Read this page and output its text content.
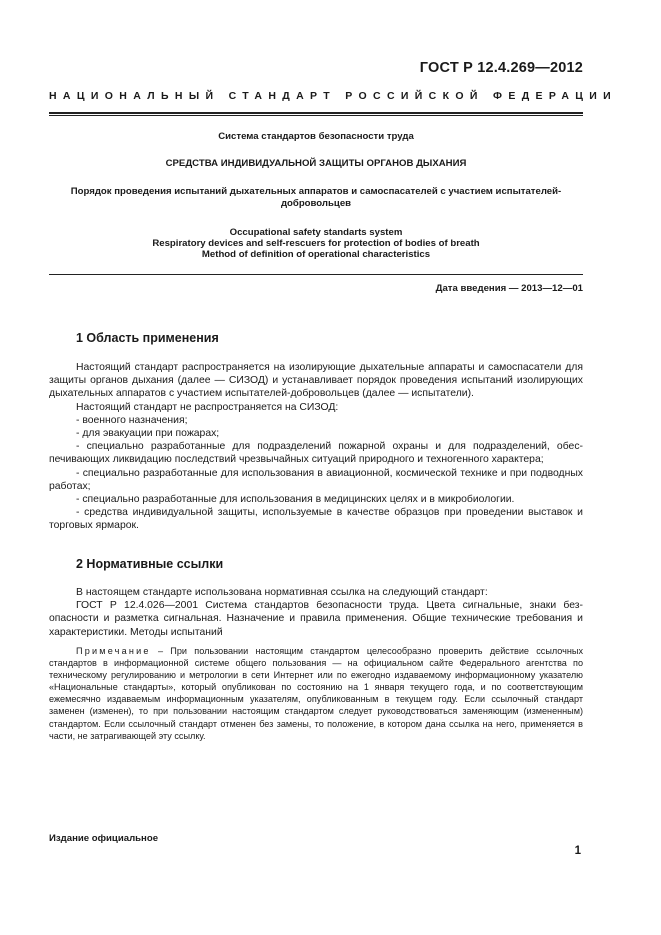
ГОСТ Р 12.4.269—2012
НАЦИОНАЛЬНЫЙ СТАНДАРТ РОССИЙСКОЙ ФЕДЕРАЦИИ
Система стандартов безопасности труда
СРЕДСТВА ИНДИВИДУАЛЬНОЙ ЗАЩИТЫ ОРГАНОВ ДЫХАНИЯ
Порядок проведения испытаний дыхательных аппаратов и самоспасателей с участием испытателей-добровольцев
Occupational safety standarts system
Respiratory devices and self-rescuers for protection of bodies of breath
Method of definition of operational characteristics
Дата введения — 2013—12—01
1 Область применения

Настоящий стандарт распространяется на изолирующие дыхательные аппараты и самоспасатели для защиты органов дыхания (далее — СИЗОД) и устанавливает порядок проведения испытаний изолирующих дыхательных аппаратов с участием испытателей-добровольцев (далее — испытатели).

Настоящий стандарт не распространяется на СИЗОД:

- военного назначения;

- для эвакуации при пожарах;

- специально разработанные для подразделений пожарной охраны и для подразделений, обеспечивающих ликвидацию последствий чрезвычайных ситуаций природного и техногенного характера;

- специально разработанные для использования в авиационной, космической технике и при подводных работах;

- специально разработанные для использования в медицинских целях и в микробиологии.

- средства индивидуальной защиты, используемые в качестве образцов при проведении выставок и торговых ярмарок.

2 Нормативные ссылки

В настоящем стандарте использована нормативная ссылка на следующий стандарт:

ГОСТ Р 12.4.026—2001 Система стандартов безопасности труда. Цвета сигнальные, знаки безопасности и разметка сигнальная. Назначение и правила применения. Общие технические требования и характеристики. Методы испытаний

Примечание – При пользовании настоящим стандартом целесообразно проверить действие ссылочных стандартов в информационной системе общего пользования — на официальном сайте Федерального агентства по техническому регулированию и метрологии в сети Интернет или по ежегодно издаваемому информационному указателю «Национальные стандарты», который опубликован по состоянию на 1 января текущего года, и по соответствующим ежемесячно издаваемым информационным указателям, опубликованным в текущем году. Если ссылочный стандарт заменен (изменен), то при пользовании настоящим стандартом следует руководствоваться заменяющим (измененным) стандартом. Если ссылочный стандарт отменен без замены, то положение, в котором дана ссылка на него, применяется в части, не затрагивающей эту ссылку.

Издание официальное
1
